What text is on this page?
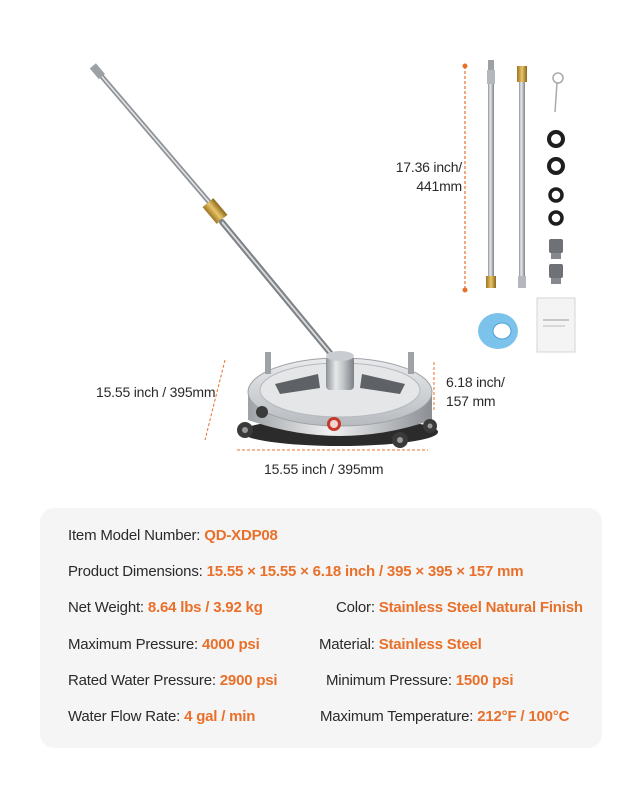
17.36 inch/
441mm
15.55 inch / 395mm
6.18 inch/
157 mm
15.55 inch / 395mm
Item Model Number: QD-XDP08
Product Dimensions: 15.55 × 15.55 × 6.18 inch / 395 × 395 × 157 mm
Net Weight: 8.64 lbs / 3.92 kg	Color: Stainless Steel Natural Finish
Maximum Pressure: 4000 psi	Material: Stainless Steel
Rated Water Pressure: 2900 psi	Minimum Pressure: 1500 psi
Water Flow Rate: 4 gal / min	Maximum Temperature: 212°F / 100°C
